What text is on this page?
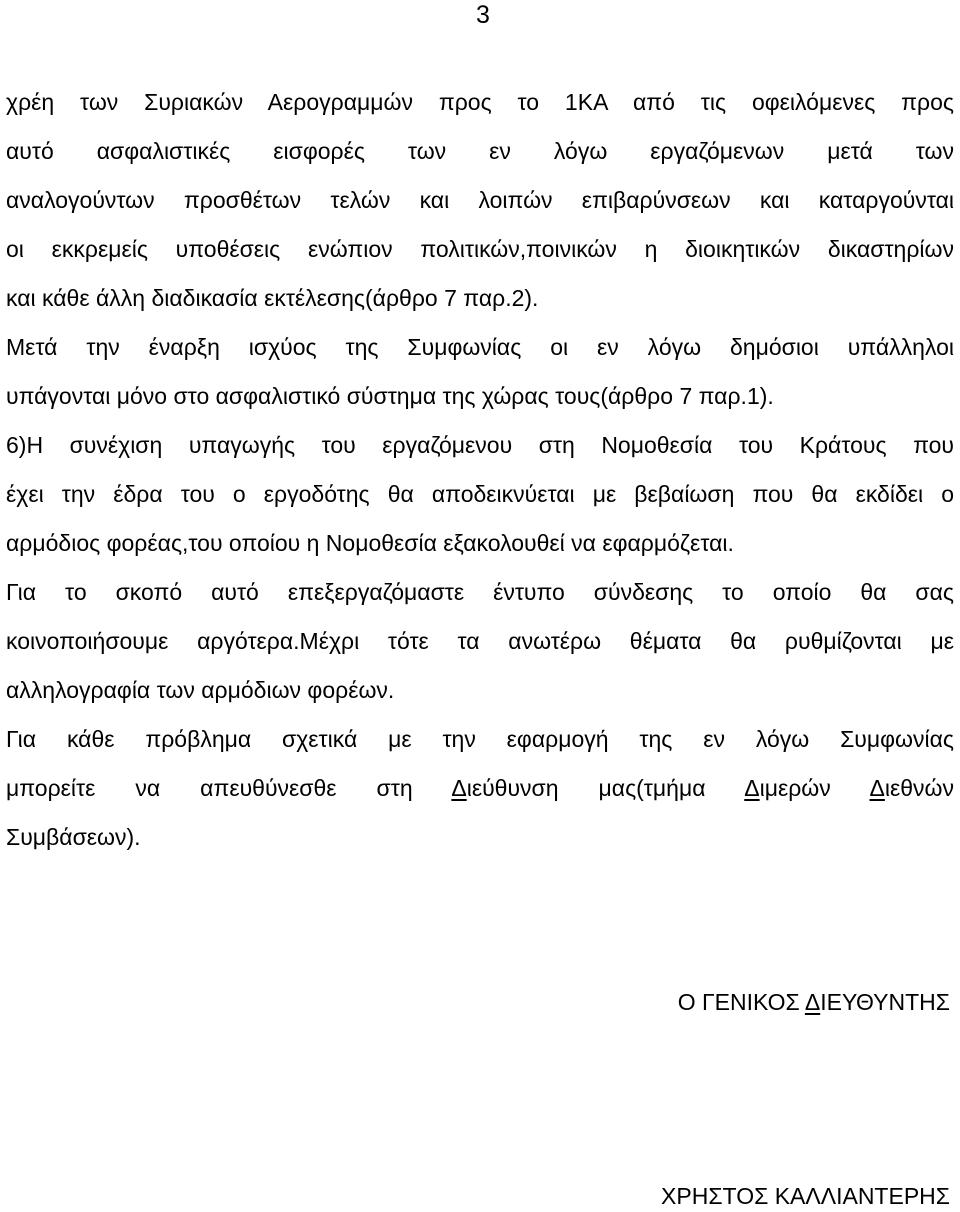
3
χρέη των Συριακών Αερογραμμών προς το 1ΚΑ από τις οφειλόμενες προς
αυτό ασφαλιστικές εισφορές των εν λόγω εργαζόμενων μετά των
αναλογούντων προσθέτων τελών και λοιπών επιβαρύνσεων και καταργούνται
οι εκκρεμείς υποθέσεις ενώπιον πολιτικών,ποινικών η διοικητικών δικαστηρίων
και κάθε άλλη διαδικασία εκτέλεσης(άρθρο 7 παρ.2).
Μετά την έναρξη ισχύος της Συμφωνίας οι εν λόγω δημόσιοι υπάλληλοι
υπάγονται μόνο στο ασφαλιστικό σύστημα της χώρας τους(άρθρο 7 παρ.1).
6)Η συνέχιση υπαγωγής του εργαζόμενου στη Νομοθεσία του Κράτους που
έχει την έδρα του ο εργοδότης θα αποδεικνύεται με βεβαίωση που θα εκδίδει ο
αρμόδιος φορέας,του οποίου η Νομοθεσία εξακολουθεί να εφαρμόζεται.
Για το σκοπό αυτό επεξεργαζόμαστε έντυπο σύνδεσης το οποίο θα σας
κοινοποιήσουμε αργότερα.Μέχρι τότε τα ανωτέρω θέματα θα ρυθμίζονται με
αλληλογραφία των αρμόδιων φορέων.
Για κάθε πρόβλημα σχετικά με την εφαρμογή της εν λόγω Συμφωνίας
μπορείτε να απευθύνεσθε στη Διεύθυνση μας(τμήμα Διμερών Διεθνών
Συμβάσεων).
Ο ΓΕΝΙΚΟΣ ΔΙΕΥΘΥΝΤΗΣ
ΧΡΗΣΤΟΣ ΚΑΛΛΙΑΝΤΕΡΗΣ
